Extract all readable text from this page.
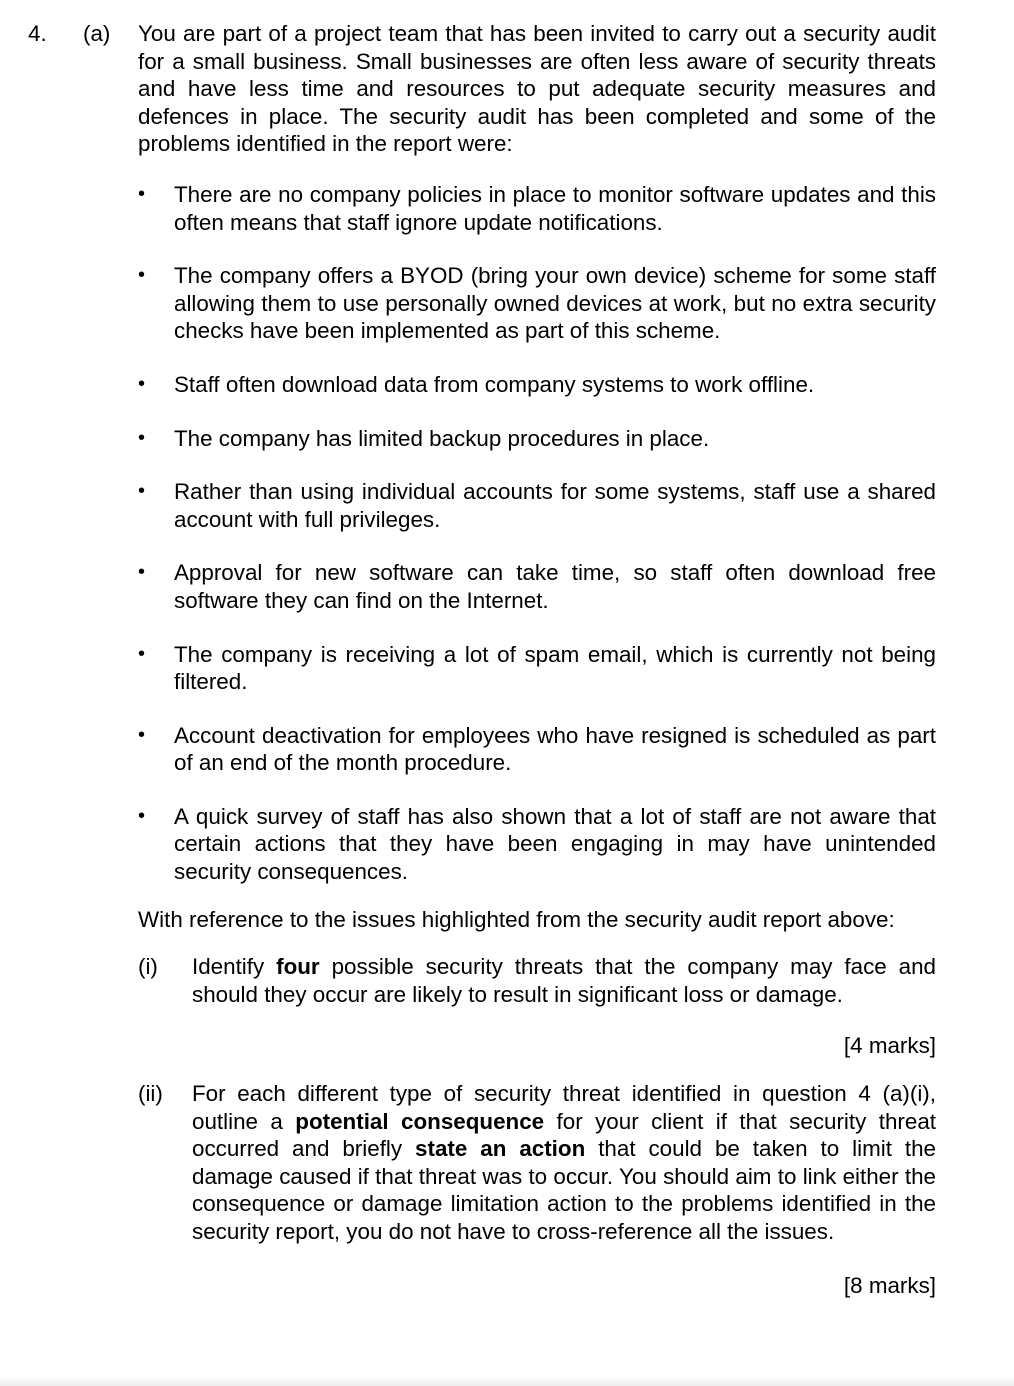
4. (a) You are part of a project team that has been invited to carry out a security audit for a small business. Small businesses are often less aware of security threats and have less time and resources to put adequate security measures and defences in place. The security audit has been completed and some of the problems identified in the report were:

• There are no company policies in place to monitor software updates and this often means that staff ignore update notifications.
• The company offers a BYOD (bring your own device) scheme for some staff allowing them to use personally owned devices at work, but no extra security checks have been implemented as part of this scheme.
• Staff often download data from company systems to work offline.
• The company has limited backup procedures in place.
• Rather than using individual accounts for some systems, staff use a shared account with full privileges.
• Approval for new software can take time, so staff often download free software they can find on the Internet.
• The company is receiving a lot of spam email, which is currently not being filtered.
• Account deactivation for employees who have resigned is scheduled as part of an end of the month procedure.
• A quick survey of staff has also shown that a lot of staff are not aware that certain actions that they have been engaging in may have unintended security consequences.

With reference to the issues highlighted from the security audit report above:

(i) Identify four possible security threats that the company may face and should they occur are likely to result in significant loss or damage.
[4 marks]
(ii) For each different type of security threat identified in question 4 (a)(i), outline a potential consequence for your client if that security threat occurred and briefly state an action that could be taken to limit the damage caused if that threat was to occur. You should aim to link either the consequence or damage limitation action to the problems identified in the security report, you do not have to cross-reference all the issues.
[8 marks]
